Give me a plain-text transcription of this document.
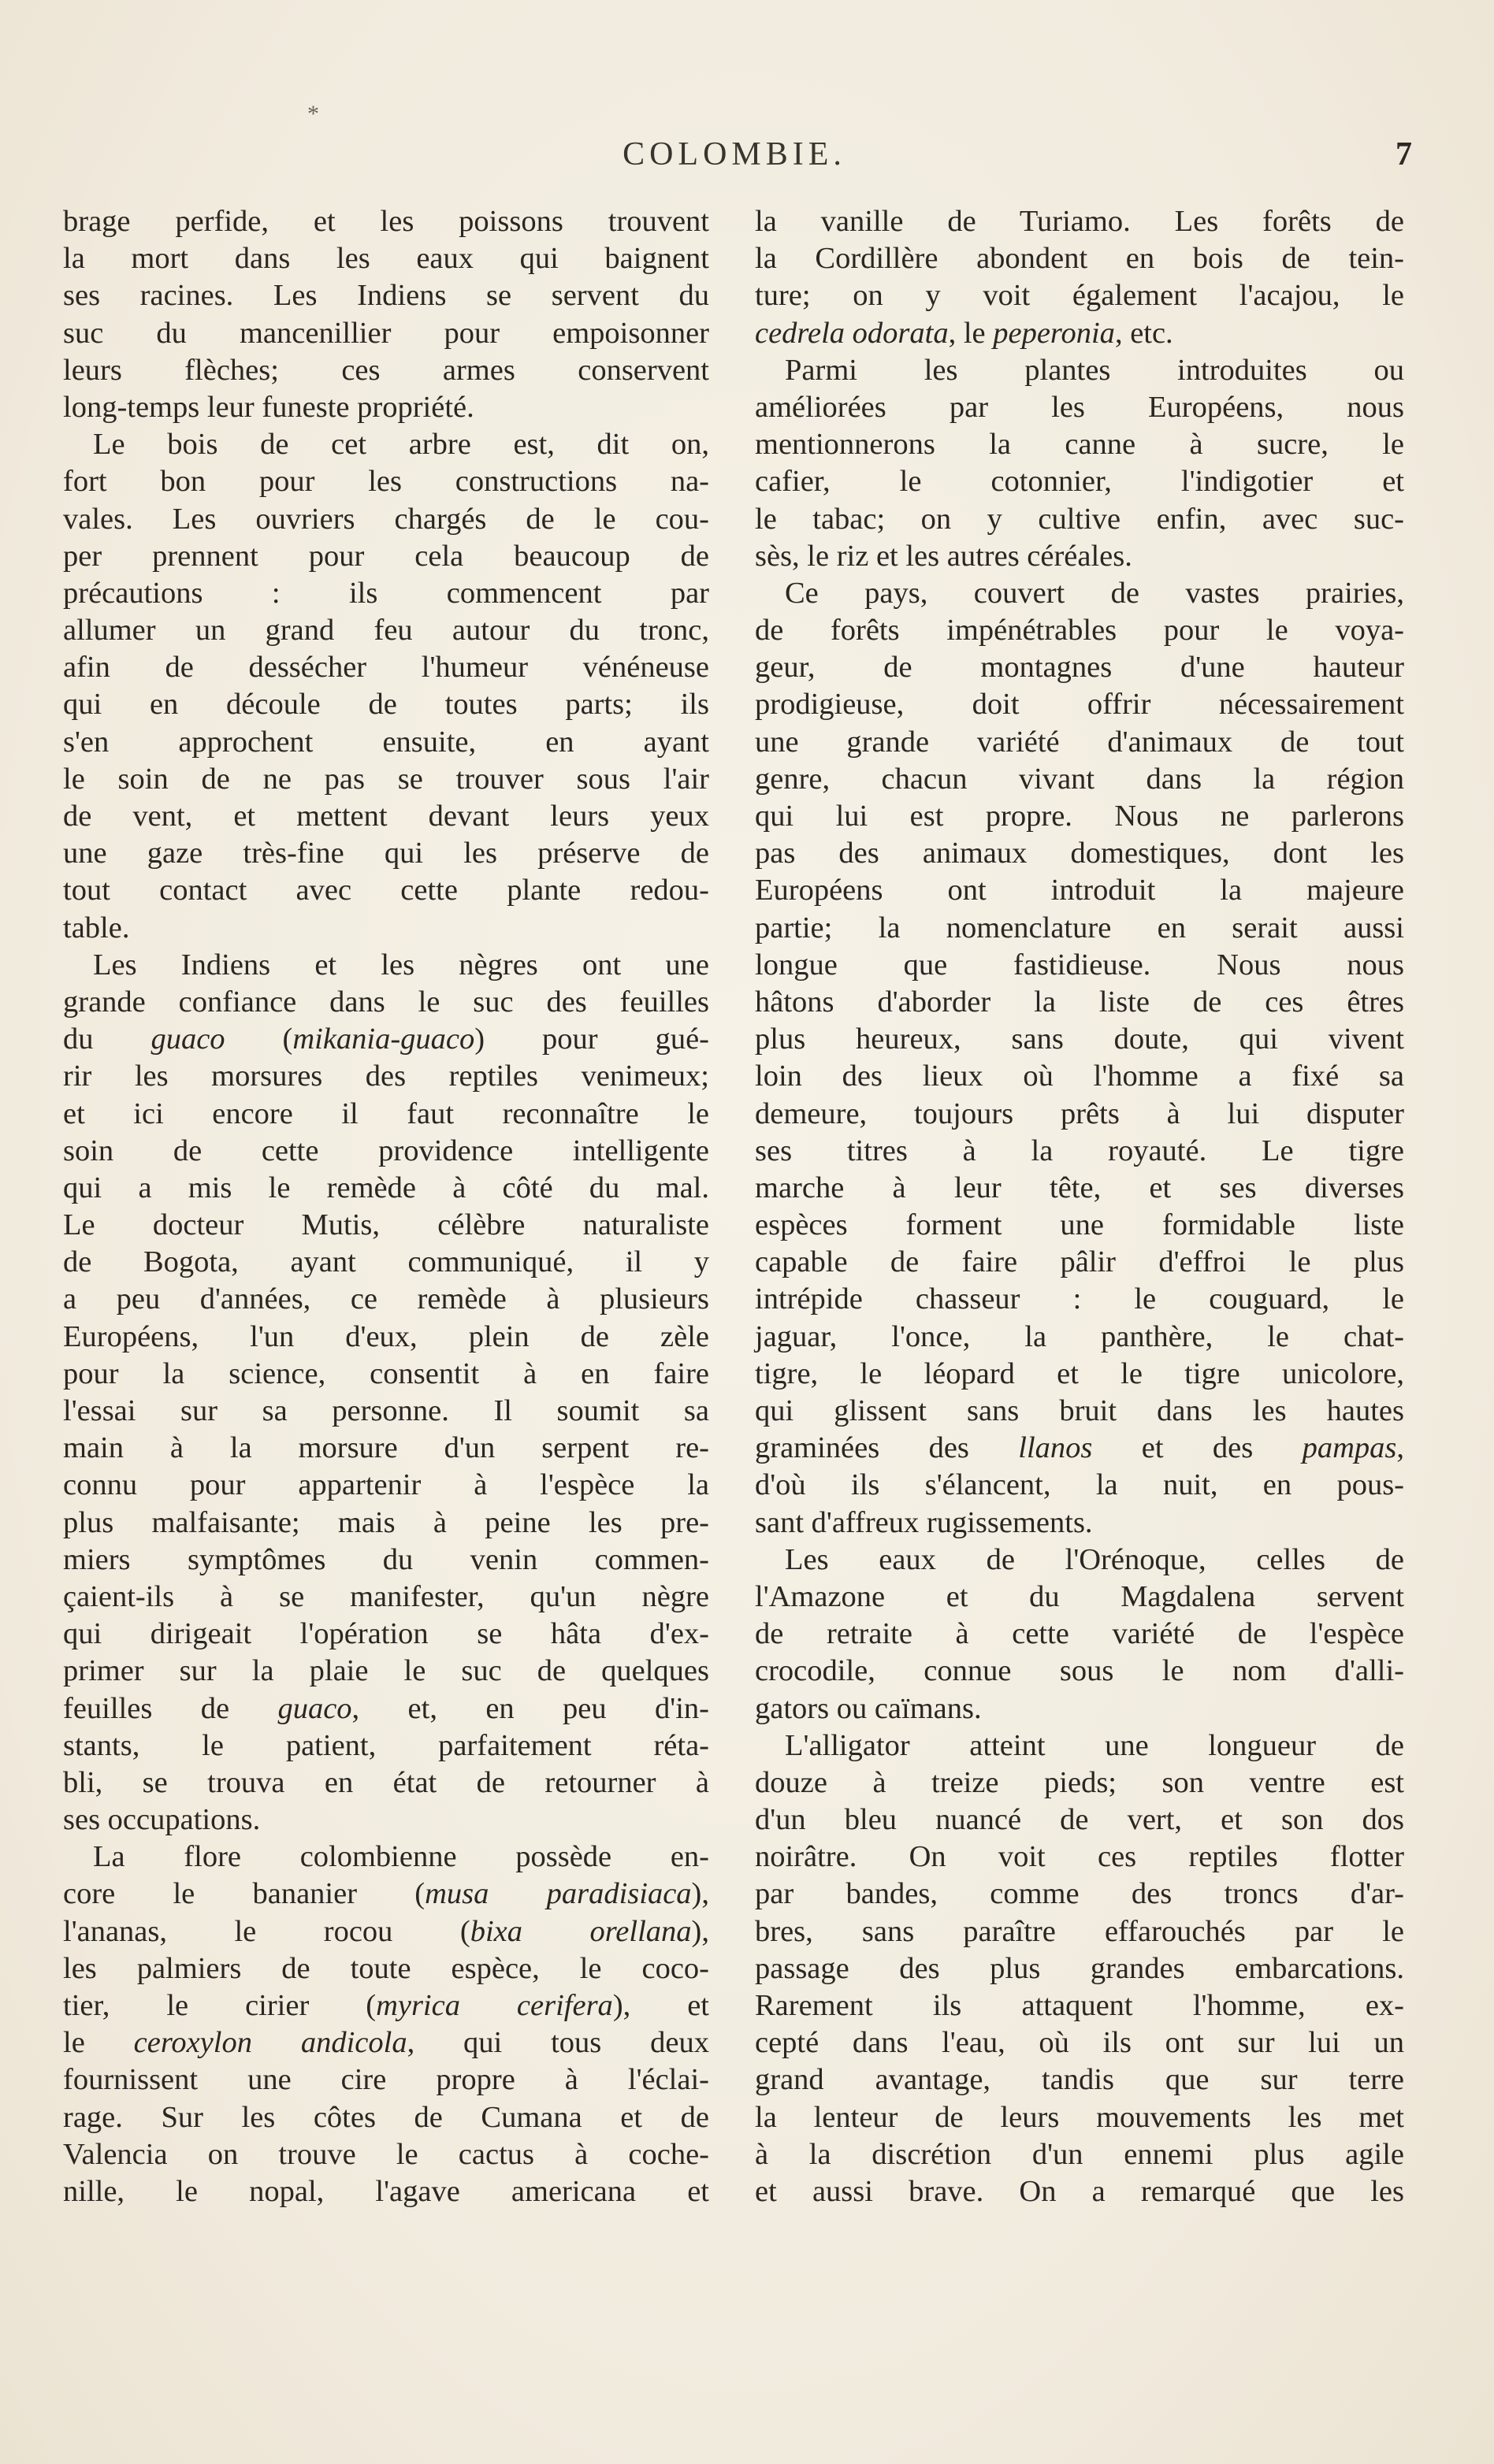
*
COLOMBIE.	7
brage perfide, et les poissons trouvent
la mort dans les eaux qui baignent
ses racines. Les Indiens se servent du
suc du mancenillier pour empoisonner
leurs flèches; ces armes conservent
long-temps leur funeste propriété.
Le bois de cet arbre est, dit on,
fort bon pour les constructions na-
vales. Les ouvriers chargés de le cou-
per prennent pour cela beaucoup de
précautions : ils commencent par
allumer un grand feu autour du tronc,
afin de dessécher l'humeur vénéneuse
qui en découle de toutes parts; ils
s'en approchent ensuite, en ayant
le soin de ne pas se trouver sous l'air
de vent, et mettent devant leurs yeux
une gaze très-fine qui les préserve de
tout contact avec cette plante redou-
table.
Les Indiens et les nègres ont une
grande confiance dans le suc des feuilles
du guaco (mikania-guaco) pour gué-
rir les morsures des reptiles venimeux;
et ici encore il faut reconnaître le
soin de cette providence intelligente
qui a mis le remède à côté du mal.
Le docteur Mutis, célèbre naturaliste
de Bogota, ayant communiqué, il y
a peu d'années, ce remède à plusieurs
Européens, l'un d'eux, plein de zèle
pour la science, consentit à en faire
l'essai sur sa personne. Il soumit sa
main à la morsure d'un serpent re-
connu pour appartenir à l'espèce la
plus malfaisante; mais à peine les pre-
miers symptômes du venin commen-
çaient-ils à se manifester, qu'un nègre
qui dirigeait l'opération se hâta d'ex-
primer sur la plaie le suc de quelques
feuilles de guaco, et, en peu d'in-
stants, le patient, parfaitement réta-
bli, se trouva en état de retourner à
ses occupations.
La flore colombienne possède en-
core le bananier (musa paradisiaca),
l'ananas, le rocou (bixa orellana),
les palmiers de toute espèce, le coco-
tier, le cirier (myrica cerifera), et
le ceroxylon andicola, qui tous deux
fournissent une cire propre à l'éclai-
rage. Sur les côtes de Cumana et de
Valencia on trouve le cactus à coche-
nille, le nopal, l'agave americana et
la vanille de Turiamo. Les forêts de
la Cordillère abondent en bois de tein-
ture; on y voit également l'acajou, le
cedrela odorata, le peperonia, etc.
Parmi les plantes introduites ou
améliorées par les Européens, nous
mentionnerons la canne à sucre, le
cafier, le cotonnier, l'indigotier et
le tabac; on y cultive enfin, avec suc-
sès, le riz et les autres céréales.
Ce pays, couvert de vastes prairies,
de forêts impénétrables pour le voya-
geur, de montagnes d'une hauteur
prodigieuse, doit offrir nécessairement
une grande variété d'animaux de tout
genre, chacun vivant dans la région
qui lui est propre. Nous ne parlerons
pas des animaux domestiques, dont les
Européens ont introduit la majeure
partie; la nomenclature en serait aussi
longue que fastidieuse. Nous nous
hâtons d'aborder la liste de ces êtres
plus heureux, sans doute, qui vivent
loin des lieux où l'homme a fixé sa
demeure, toujours prêts à lui disputer
ses titres à la royauté. Le tigre
marche à leur tête, et ses diverses
espèces forment une formidable liste
capable de faire pâlir d'effroi le plus
intrépide chasseur : le couguard, le
jaguar, l'once, la panthère, le chat-
tigre, le léopard et le tigre unicolore,
qui glissent sans bruit dans les hautes
graminées des llanos et des pampas,
d'où ils s'élancent, la nuit, en pous-
sant d'affreux rugissements.
Les eaux de l'Orénoque, celles de
l'Amazone et du Magdalena servent
de retraite à cette variété de l'espèce
crocodile, connue sous le nom d'alli-
gators ou caïmans.
L'alligator atteint une longueur de
douze à treize pieds; son ventre est
d'un bleu nuancé de vert, et son dos
noirâtre. On voit ces reptiles flotter
par bandes, comme des troncs d'ar-
bres, sans paraître effarouchés par le
passage des plus grandes embarcations.
Rarement ils attaquent l'homme, ex-
cepté dans l'eau, où ils ont sur lui un
grand avantage, tandis que sur terre
la lenteur de leurs mouvements les met
à la discrétion d'un ennemi plus agile
et aussi brave. On a remarqué que les
